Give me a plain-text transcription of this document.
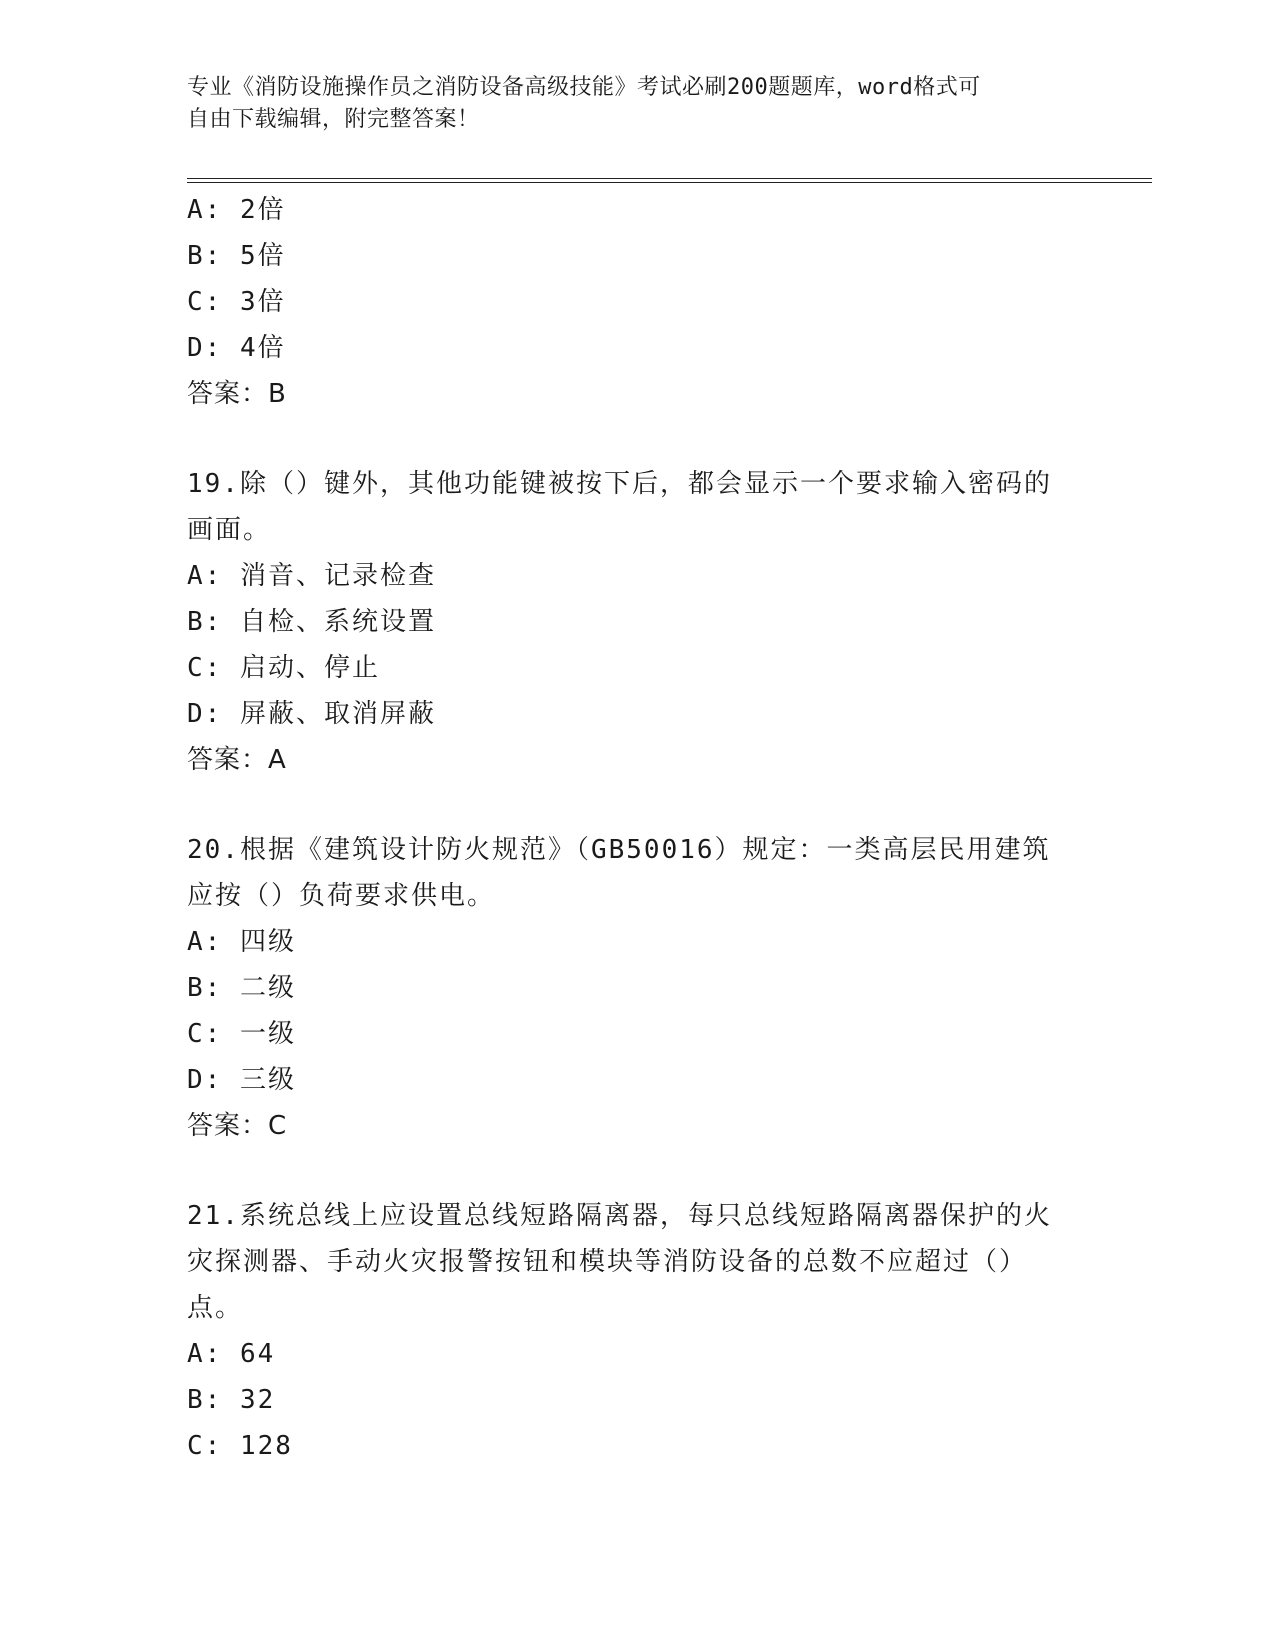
专业《消防设施操作员之消防设备高级技能》考试必刷200题题库，word格式可
自由下载编辑，附完整答案！
A: 2倍
B: 5倍
C: 3倍
D: 4倍
答案：B
19.除（）键外，其他功能键被按下后，都会显示一个要求输入密码的
画面。
A: 消音、记录检查
B: 自检、系统设置
C: 启动、停止
D: 屏蔽、取消屏蔽
答案：A
20.根据《建筑设计防火规范》（GB50016）规定：一类高层民用建筑
应按（）负荷要求供电。
A: 四级
B: 二级
C: 一级
D: 三级
答案：C
21.系统总线上应设置总线短路隔离器，每只总线短路隔离器保护的火
灾探测器、手动火灾报警按钮和模块等消防设备的总数不应超过（）
点。
A: 64
B: 32
C: 128
